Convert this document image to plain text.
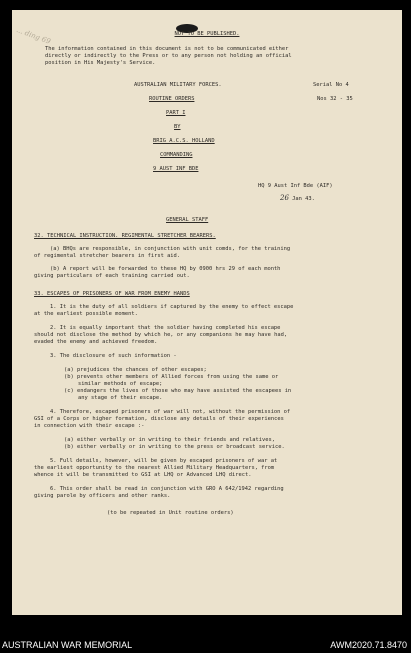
... ding 69	NOT TO BE PUBLISHED.
The information contained in this document is not to be communicated either
directly or indirectly to the Press or to any person not holding an official
position in His Majesty's Service.
AUSTRALIAN MILITARY FORCES.	Serial No 4
ROUTINE ORDERS	Nos 32 - 35
PART I
BY
BRIG A.C.S. HOLLAND
COMMANDING
9 AUST INF BDE
HQ 9 Aust Inf Bde (AIF)
26 Jan 43.
GENERAL STAFF
32. TECHNICAL INSTRUCTION. REGIMENTAL STRETCHER BEARERS.
(a) BHQs are responsible, in conjunction with unit comds, for the training
of regimental stretcher bearers in first aid.
(b) A report will be forwarded to these HQ by 0900 hrs 29 of each month
giving particulars of each training carried out.
33. ESCAPES OF PRISONERS OF WAR FROM ENEMY HANDS
1. It is the duty of all soldiers if captured by the enemy to effect escape
at the earliest possible moment.
2. It is equally important that the soldier having completed his escape
should not disclose the method by which he, or any companions he may have had,
evaded the enemy and achieved freedom.
3. The disclosure of such information -
(a) prejudices the chances of other escapes;
(b) prevents other members of Allied forces from using the same or
similar methods of escape;
(c) endangers the lives of those who may have assisted the escapees in
any stage of their escape.
4. Therefore, escaped prisoners of war will not, without the permission of
GSI of a Corps or higher formation, disclose any details of their experiences
in connection with their escape :-
(a) either verbally or in writing to their friends and relatives,
(b) either verbally or in writing to the press or broadcast service.
5. Full details, however, will be given by escaped prisoners of war at
the earliest opportunity to the nearest Allied Military Headquarters, from
whence it will be transmitted to GSI at LHQ or Advanced LHQ direct.
6. This order shall be read in conjunction with GRO A 642/1942 regarding
giving parole by officers and other ranks.
(to be repeated in Unit routine orders)
AUSTRALIAN WAR MEMORIAL	AWM2020.71.8470
